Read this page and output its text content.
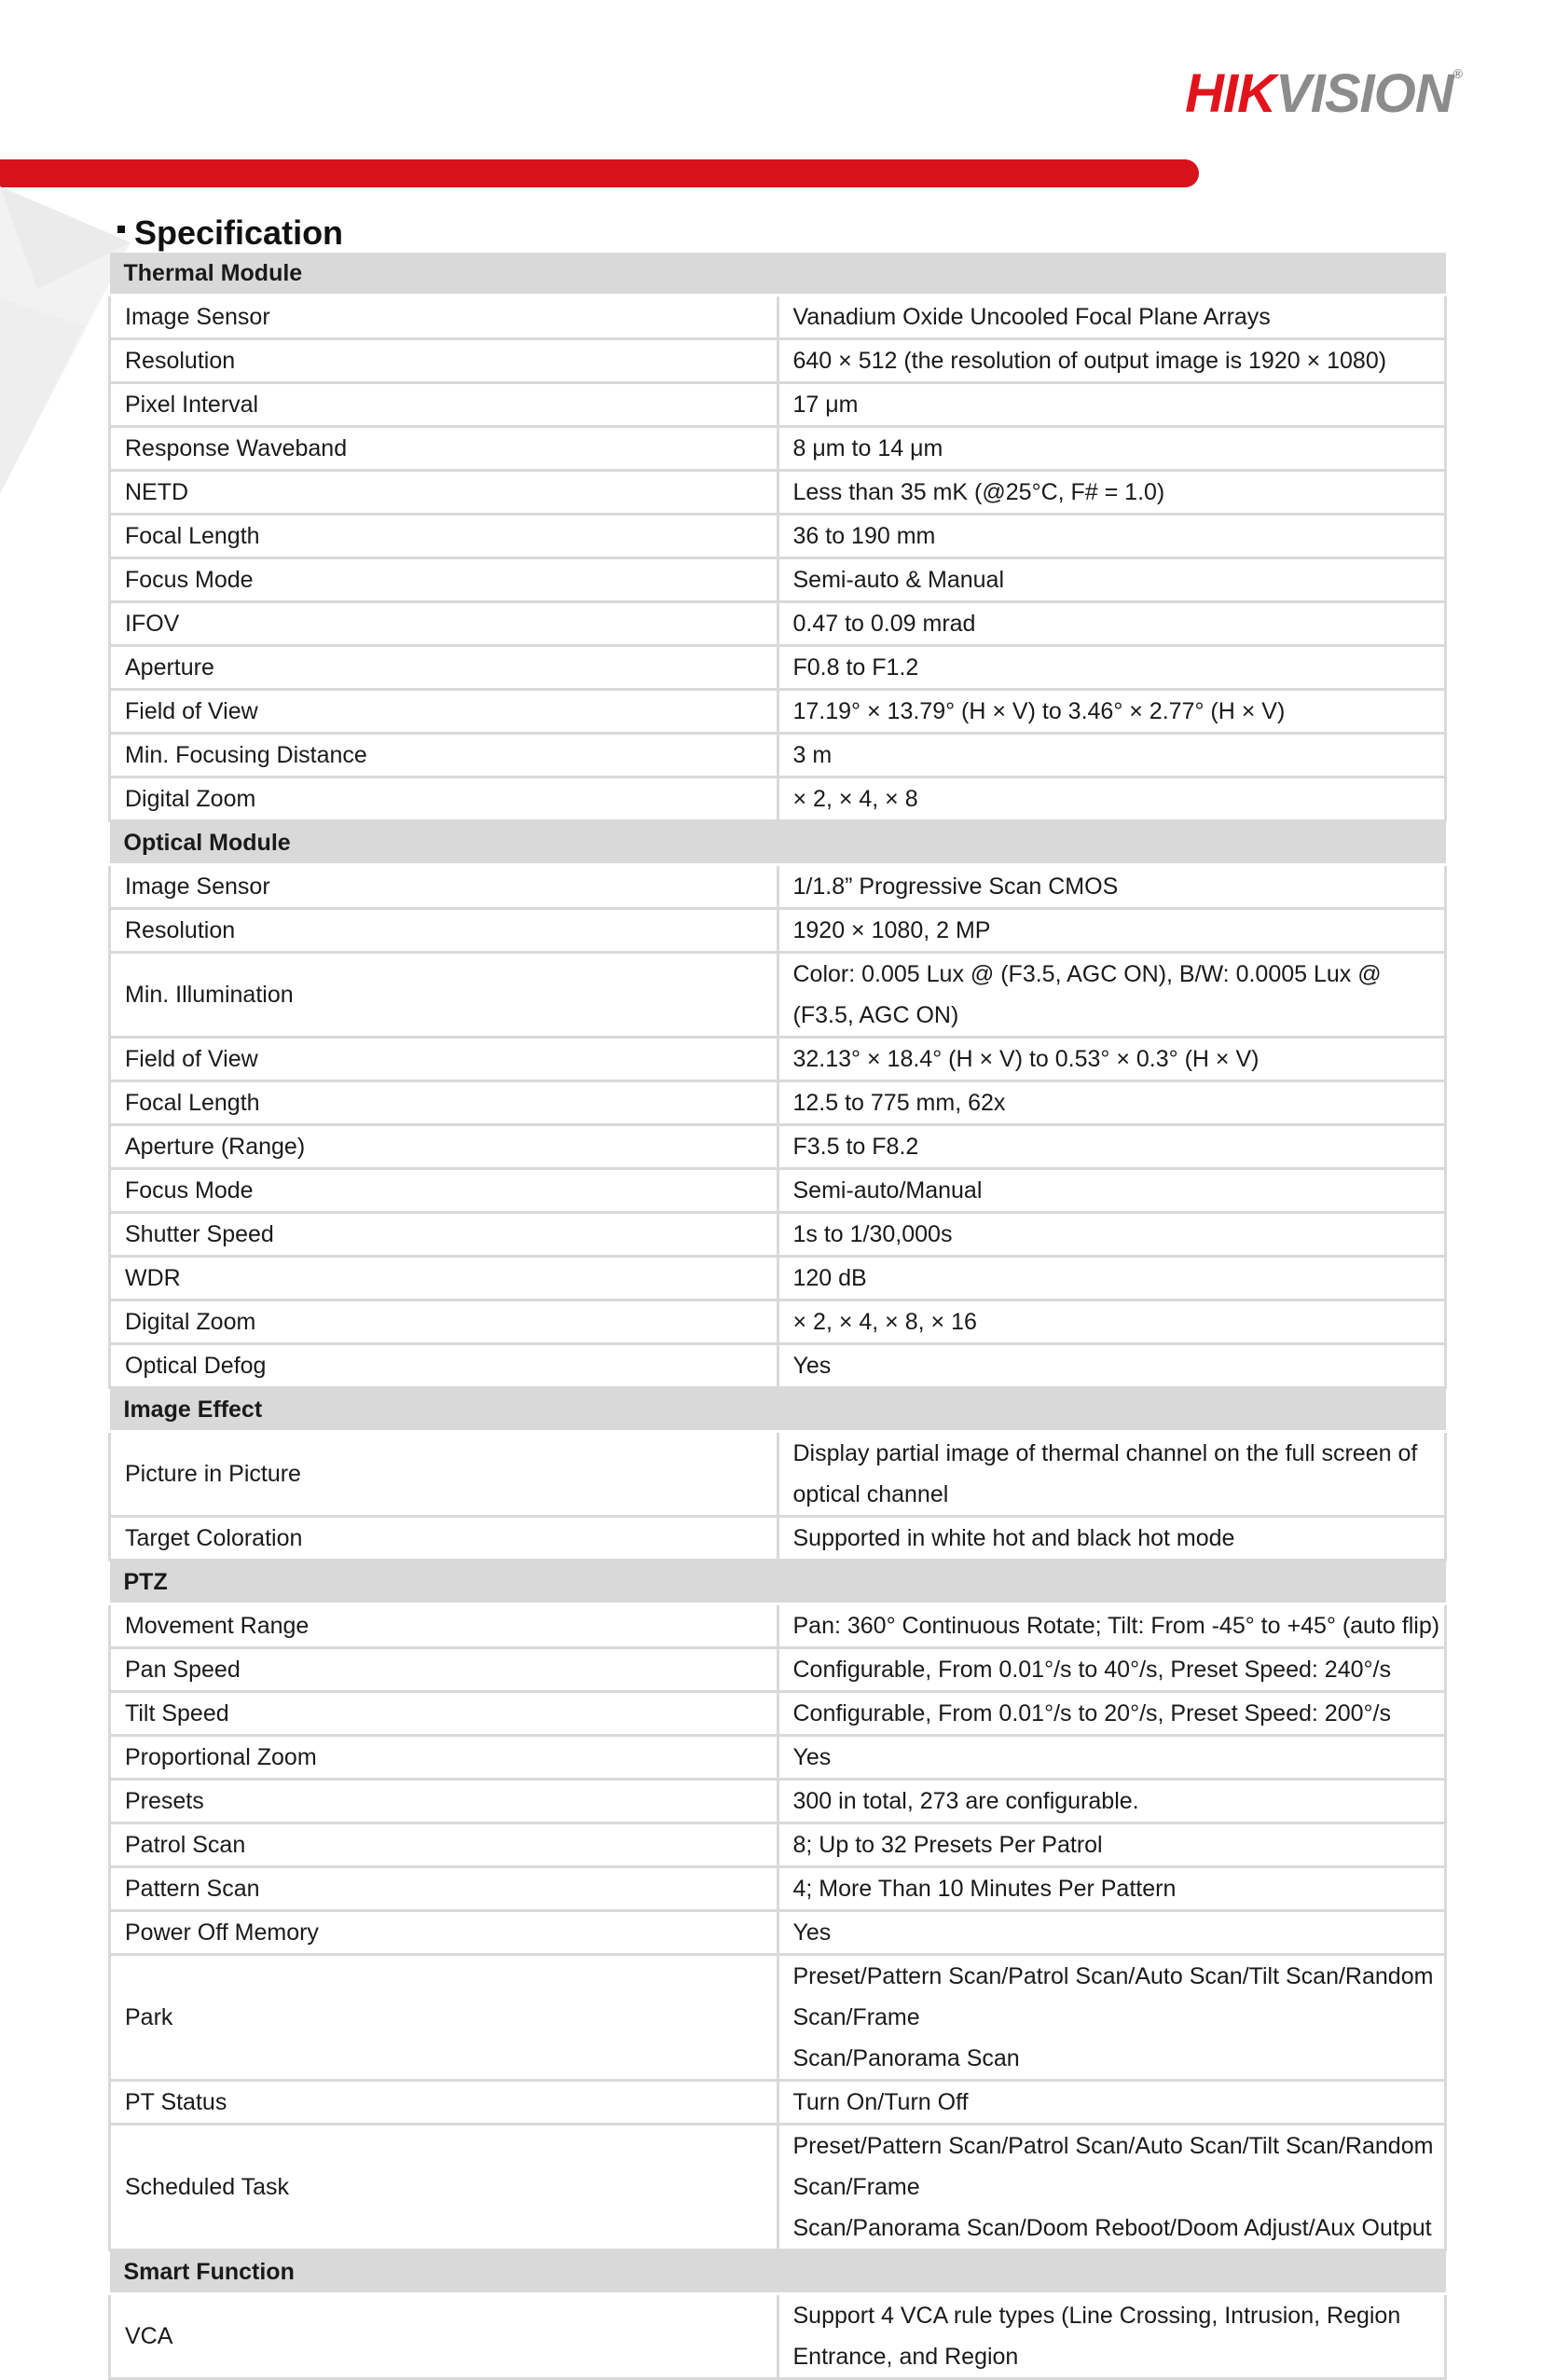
HIKVISION®
Specification
Thermal Module	
Image Sensor	Vanadium Oxide Uncooled Focal Plane Arrays
Resolution	640 × 512 (the resolution of output image is 1920 × 1080)
Pixel Interval	17 μm
Response Waveband	8 μm to 14 μm
NETD	Less than 35 mK (@25°C, F# = 1.0)
Focal Length	36 to 190 mm
Focus Mode	Semi-auto & Manual
IFOV	0.47 to 0.09 mrad
Aperture	F0.8 to F1.2
Field of View	17.19° × 13.79° (H × V) to 3.46° × 2.77° (H × V)
Min. Focusing Distance	3 m
Digital Zoom	× 2, × 4, × 8
Optical Module	
Image Sensor	1/1.8” Progressive Scan CMOS
Resolution	1920 × 1080, 2 MP
Min. Illumination	Color: 0.005 Lux @ (F3.5, AGC ON), B/W: 0.0005 Lux @ (F3.5, AGC ON)
Field of View	32.13° × 18.4° (H × V) to 0.53° × 0.3° (H × V)
Focal Length	12.5 to 775 mm, 62x
Aperture (Range)	F3.5 to F8.2
Focus Mode	Semi-auto/Manual
Shutter Speed	1s to 1/30,000s
WDR	120 dB
Digital Zoom	× 2, × 4, × 8, × 16
Optical Defog	Yes
Image Effect	
Picture in Picture	Display partial image of thermal channel on the full screen of optical channel
Target Coloration	Supported in white hot and black hot mode
PTZ	
Movement Range	Pan: 360° Continuous Rotate; Tilt: From -45° to +45° (auto flip)
Pan Speed	Configurable, From 0.01°/s to 40°/s, Preset Speed: 240°/s
Tilt Speed	Configurable, From 0.01°/s to 20°/s, Preset Speed: 200°/s
Proportional Zoom	Yes
Presets	300 in total, 273 are configurable.
Patrol Scan	8; Up to 32 Presets Per Patrol
Pattern Scan	4; More Than 10 Minutes Per Pattern
Power Off Memory	Yes
Park	Preset/Pattern Scan/Patrol Scan/Auto Scan/Tilt Scan/Random Scan/Frame
Scan/Panorama Scan

PT Status	Turn On/Turn Off
Scheduled Task	Preset/Pattern Scan/Patrol Scan/Auto Scan/Tilt Scan/Random Scan/Frame
Scan/Panorama Scan/Doom Reboot/Doom Adjust/Aux Output

Smart Function	
VCA	Support 4 VCA rule types (Line Crossing, Intrusion, Region Entrance, and Region
